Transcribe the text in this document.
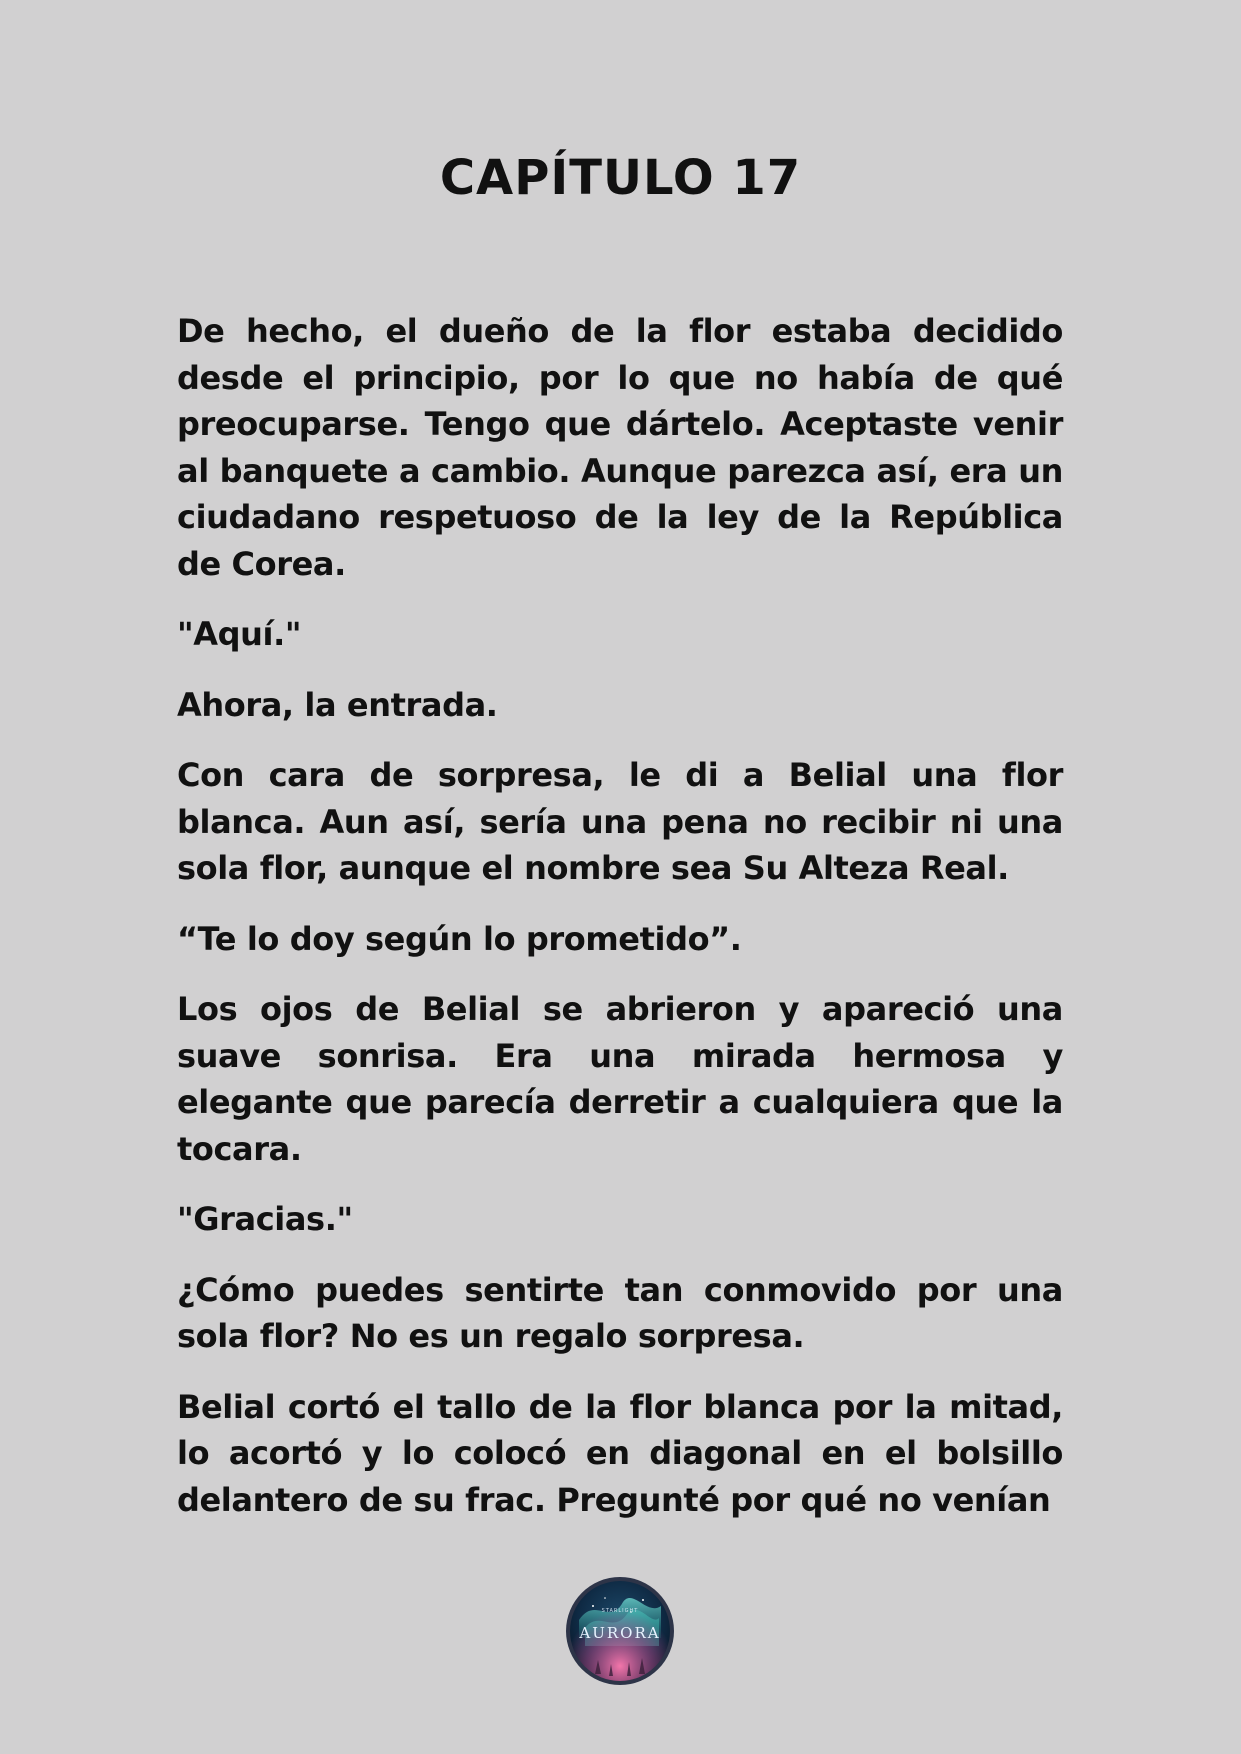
CAPÍTULO 17

De hecho, el dueño de la flor estaba decidido desde el principio, por lo que no había de qué preocuparse. Tengo que dártelo. Aceptaste venir al banquete a cambio. Aunque parezca así, era un ciudadano respetuoso de la ley de la República de Corea.

"Aquí."

Ahora, la entrada.

Con cara de sorpresa, le di a Belial una flor blanca. Aun así, sería una pena no recibir ni una sola flor, aunque el nombre sea Su Alteza Real.

“Te lo doy según lo prometido”.

Los ojos de Belial se abrieron y apareció una suave sonrisa. Era una mirada hermosa y elegante que parecía derretir a cualquiera que la tocara.

"Gracias."

¿Cómo puedes sentirte tan conmovido por una sola flor? No es un regalo sorpresa.

Belial cortó el tallo de la flor blanca por la mitad, lo acortó y lo colocó en diagonal en el bolsillo delantero de su frac. Pregunté por qué no venían

STARLIGHT
AURORA
